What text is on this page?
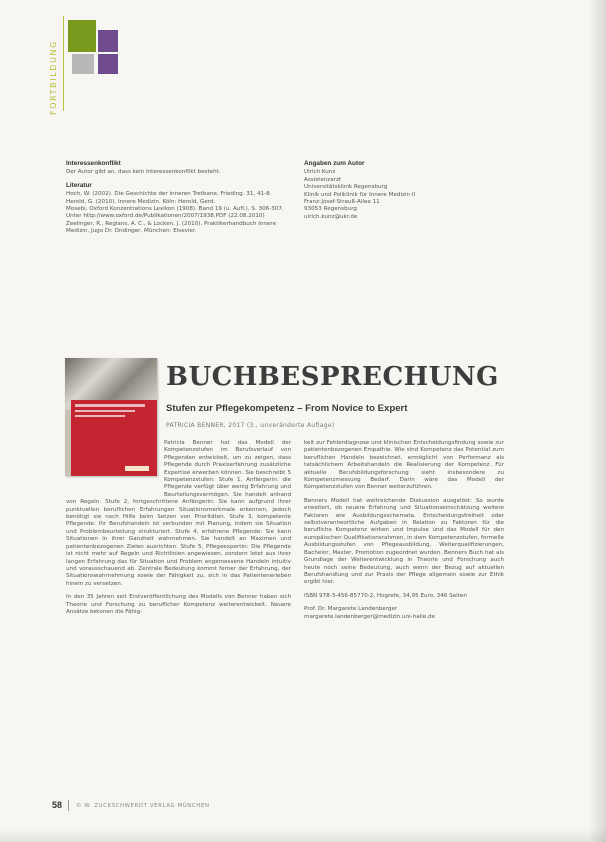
FORTBILDUNG

Interessenkonflikt

Der Autor gibt an, dass kein Interessenkonflikt besteht.

Literatur

Hoch, W. (2002). Die Geschichte der inneren Tretbane, Frieding. 31, 41-8.

Herold, G. (2010). Innere Medizin. Köln: Herold, Gerd.

Mosebi, Oxford Konzentrations Lexikon (1908). Band 19 (u. Aufl.), S. 306-307. Unter http://www.oxford.de/Publikationen/2007/1938.PDF (22.08.2010)

Zeelinger, R., Reglans, A. C., & Locken, J. (2010). Praktikerhandbuch Innere Medizin, Jugo Dr. Ondinger, München: Elsevier.

Angaben zum Autor

Ulrich Kunz
Assistenzarzt
Universitätsklinik Regensburg
Klinik und Poliklinik für Innere Medizin II
Franz-Josef-Strauß-Allee 11
93053 Regensburg
ulrich.kunz@ukr.de
BUCHBESPRECHUNG
Stufen zur Pflegekompetenz – From Novice to Expert
PATRICIA BENNER, 2017 (3., unveränderte Auflage)

Patricia Benner hat das Modell der Kompetenzstufen im Berufsverlauf von Pflegenden entwickelt, um zu zeigen, dass Pflegende durch Praxiserfahrung zusätzliche Expertise erwerben können. Sie beschreibt 5 Kompetenzstufen: Stufe 1, Anfängerin: die Pflegende verfügt über wenig Erfahrung und Beurteilungsvermögen. Sie handelt anhand von Regeln. Stufe 2, fortgeschrittene Anfängerin: Sie kann aufgrund ihrer punktuellen beruflichen Erfahrungen Situationsmerkmale erkennen, jedoch benötigt sie noch Hilfe beim Setzen von Prioritäten. Stufe 3, kompetente Pflegende: Ihr Berufshandeln ist verbunden mit Planung, indem sie Situation und Problembeurteilung strukturiert. Stufe 4, erfahrene Pflegende: Sie kann Situationen in ihrer Ganzheit wahrnehmen. Sie handelt an Maximen und patientenbezogenen Zielen ausrichten. Stufe 5, Pflegeexpertin: Die Pflegende ist nicht mehr auf Regeln und Richtlinien angewiesen, sondern lotet aus ihrer langen Erfahrung das für Situation und Problem angemessene Handeln intuitiv und vorausschauend ab. Zentrale Bedeutung kommt ferner der Erfahrung, der Situationswahrnehmung sowie der Fähigkeit zu, sich in das Patientenerleben hinein zu versetzen.

In den 35 Jahren seit Erstveröffentlichung des Modells von Benner haben sich Theorie und Forschung zu beruflicher Kompetenz weiterentwickelt. Neuere Ansätze betonen die Fähig-

keit zur Fehlerdiagnose und klinischen Entscheidungsfindung sowie zur patientenbezogenen Empathie. Wie sind Kompetenz das Potential zum beruflichen Handeln bezeichnet, ermöglicht von Performanz als tatsächlichem Arbeitshandeln die Realisierung der Kompetenz. Für aktuelle Berufsbildungsforschung sieht insbesondere zu Kompetenzmessung Bedarf. Darin wäre das Modell der Kompetenzstufen von Benner weiterzuführen.

Benners Modell hat weitreichende Diskussion ausgelöst: So wurde erweitert, ob neuere Erfahrung und Situationseinschätzung weitere Faktoren wie Ausbildungsschemata, Entscheidungsfreiheit oder selbstverantwortliche Aufgaben in Relation zu Faktoren für die berufliche Kompetenz wirken und Impulse und das Modell für den europäischen Qualifikationsrahmen, in dem Kompetenzstufen, formelle Ausbildungsstufen von Pflegeausbildung, Weiterqualifizierungen, Bachelor, Master, Promotion zugeordnet wurden. Benners Buch hat als Grundlage der Weiterentwicklung in Theorie und Forschung auch heute noch seine Bedeutung, auch wenn der Bezug auf aktuellen Berufshandlung und zur Praxis der Pflege allgemein sowie zur Ethik ergibt hier.

ISBN 978-3-456-85770-2, Hogrefe, 34,95 Euro, 346 Seiten

Prof. Dr. Margarete Landenberger

margarete.landenberger@medizin.uni-halle.de

58	© W. ZUCKSCHWERDT VERLAG MÜNCHEN
